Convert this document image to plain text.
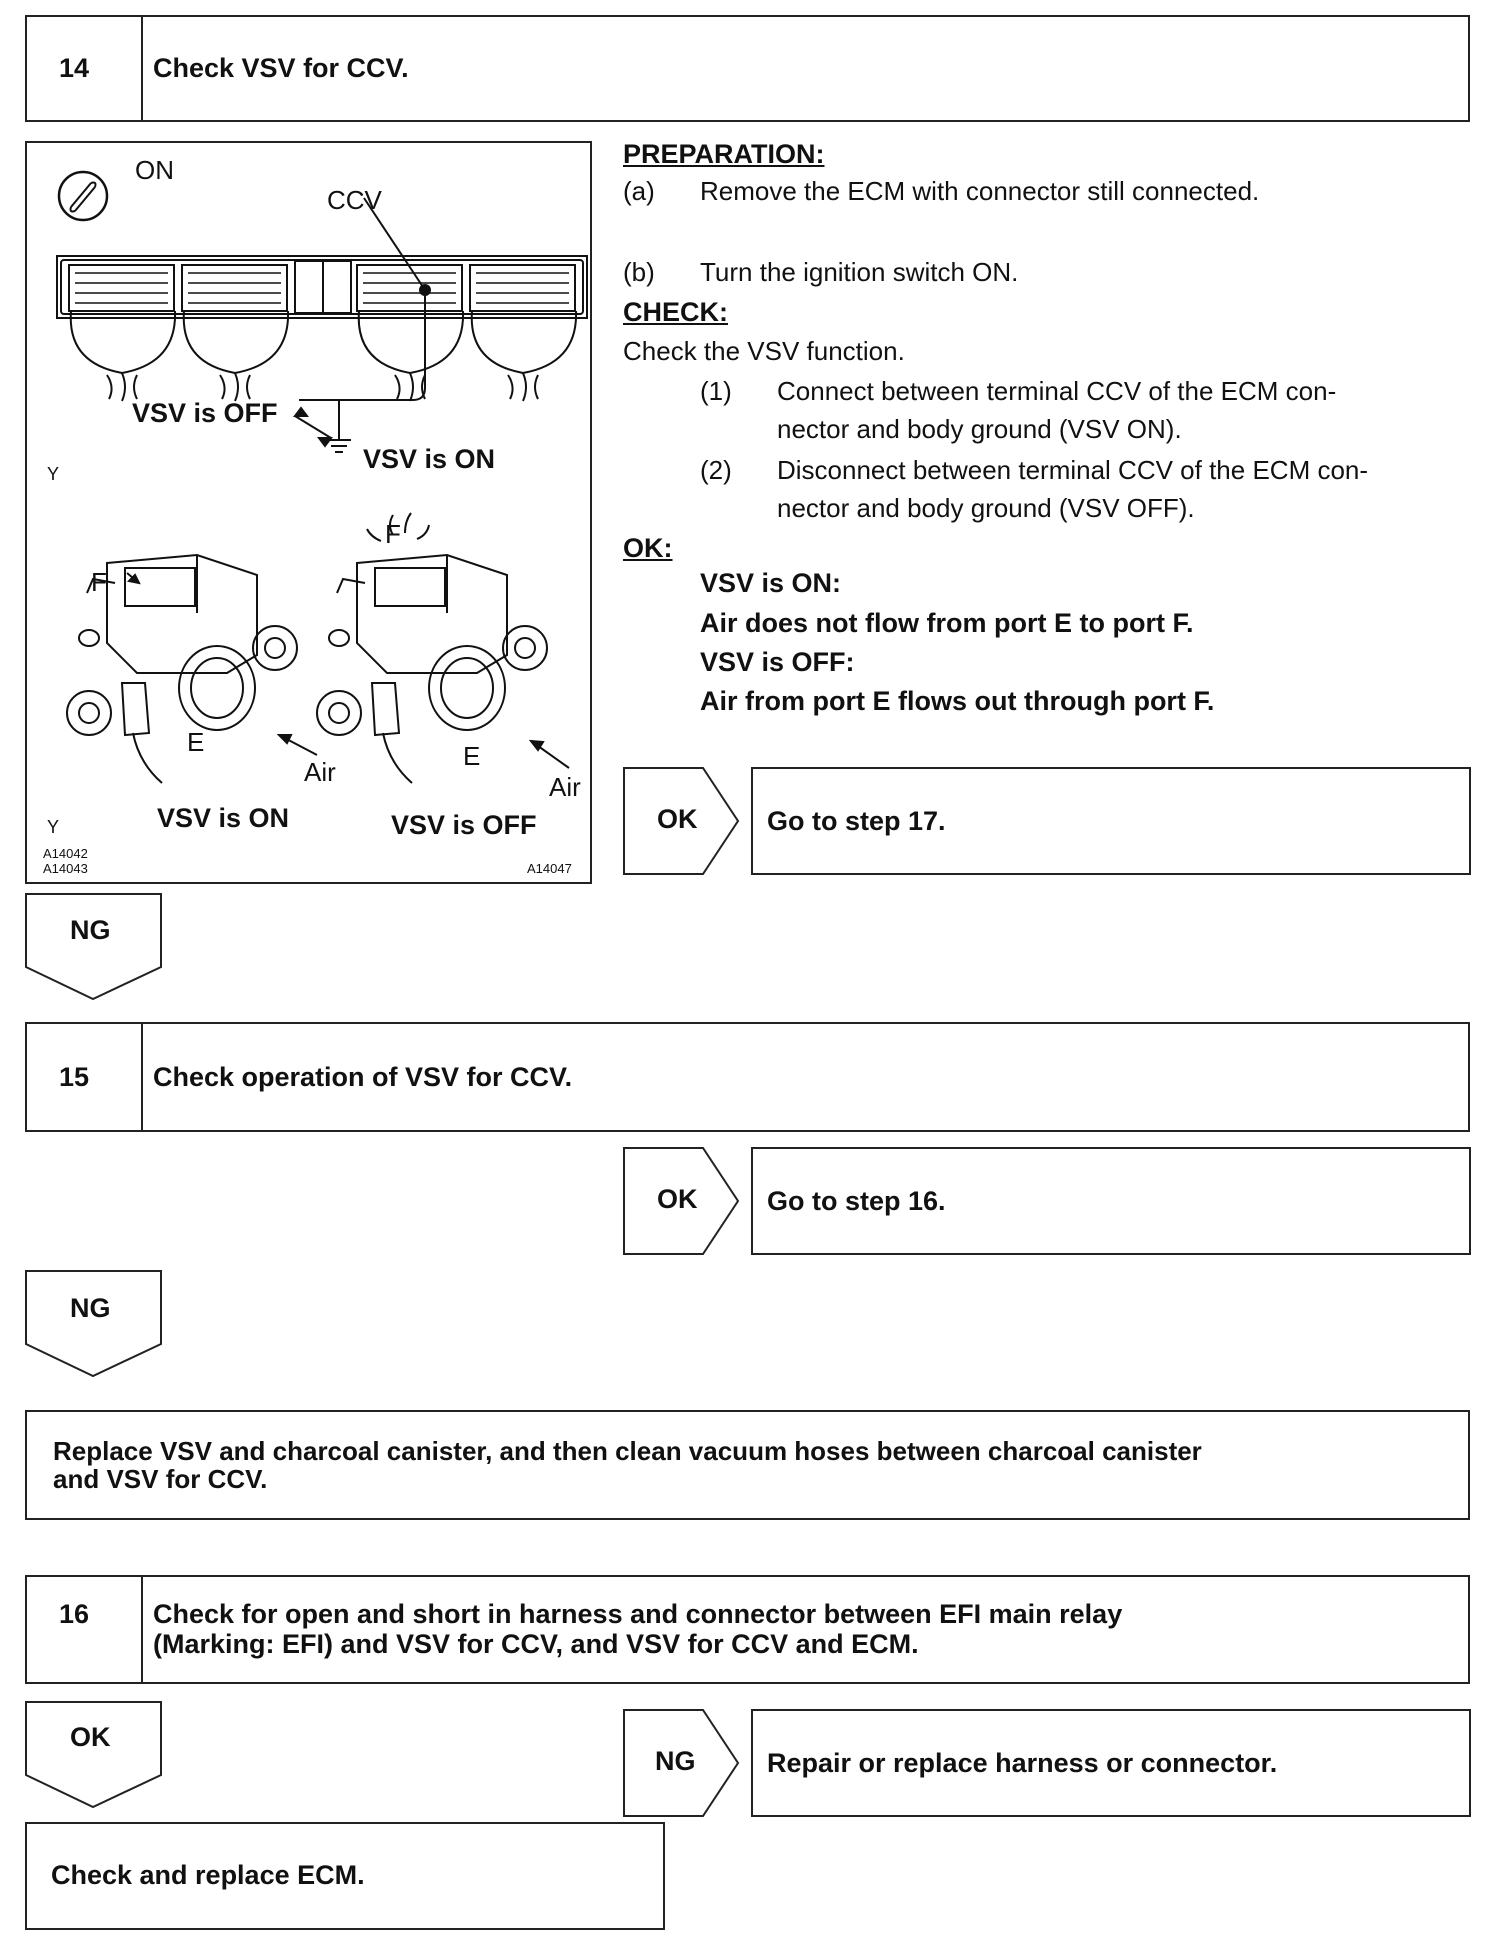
14 Check VSV for CCV.
ON
CCV
VSV is OFF
VSV is ON
Y
F
F
E	E
Air	Air
Y	VSV is ON	VSV is OFF
A14042
A14043	A14047
PREPARATION:
(a) Remove the ECM with connector still connected.
(b) Turn the ignition switch ON.
CHECK:
Check the VSV function.
(1) Connect between terminal CCV of the ECM con-
nector and body ground (VSV ON).
(2) Disconnect between terminal CCV of the ECM con-
nector and body ground (VSV OFF).
OK:
VSV is ON:
Air does not flow from port E to port F.
VSV is OFF:
Air from port E flows out through port F.
OK	Go to step 17.
NG
15 Check operation of VSV for CCV.
OK	Go to step 16.
NG
Replace VSV and charcoal canister, and then clean vacuum hoses between charcoal canister
and VSV for CCV.
16 Check for open and short in harness and connector between EFI main relay
(Marking: EFI) and VSV for CCV, and VSV for CCV and ECM.
OK
NG	Repair or replace harness or connector.
Check and replace ECM.
